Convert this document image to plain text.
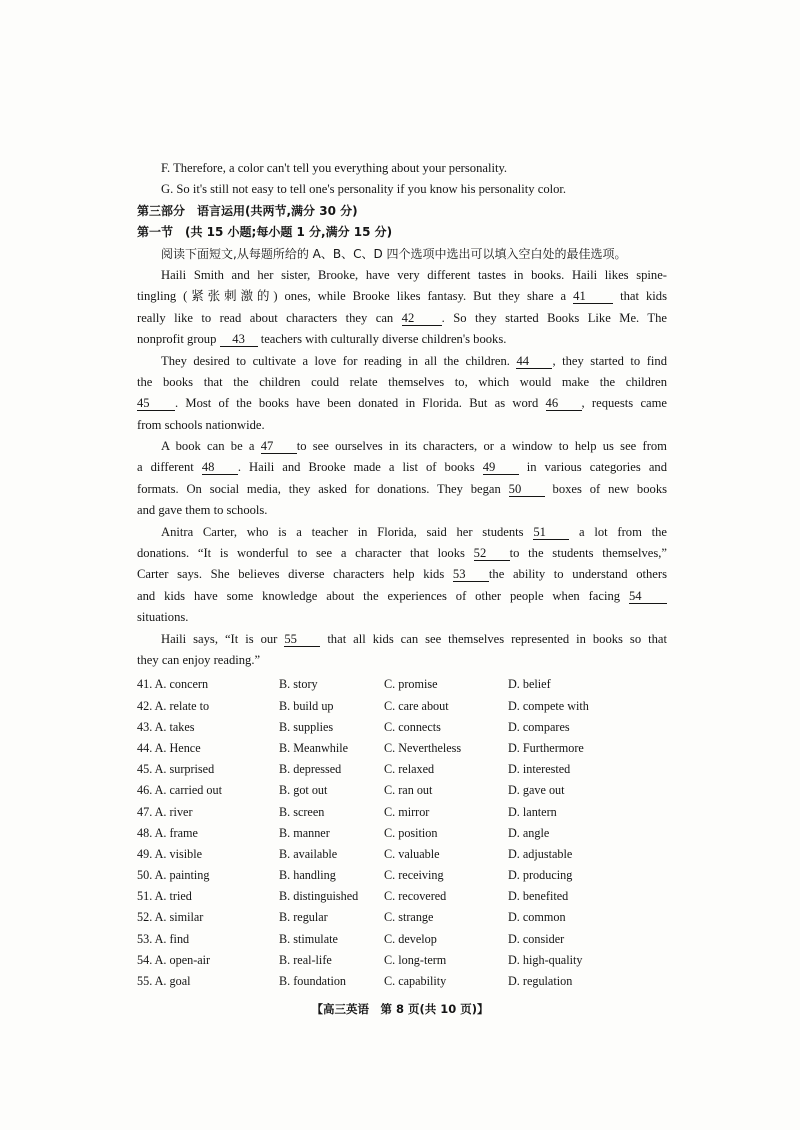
F. Therefore, a color can't tell you everything about your personality.
G. So it's still not easy to tell one's personality if you know his personality color.
第三部分　语言运用(共两节,满分 30 分)
第一节　(共 15 小题;每小题 1 分,满分 15 分)
阅读下面短文,从每题所给的 A、B、C、D 四个选项中选出可以填入空白处的最佳选项。
Haili Smith and her sister, Brooke, have very different tastes in books. Haili likes spine-
tingling (紧张刺激的) ones, while Brooke likes fantasy. But they share a 41	that kids
really like to read about characters they can 42 . So they started Books Like Me. The
nonprofit group 43 teachers with culturally diverse children's books.
They desired to cultivate a love for reading in all the children. 44 , they started to find
the books that the children could relate themselves to, which would make the children
45 . Most of the books have been donated in Florida. But as word 46 , requests came
from schools nationwide.
A book can be a 47 to see ourselves in its characters, or a window to help us see from
a different 48 . Haili and Brooke made a list of books 49 in various categories and
formats. On social media, they asked for donations. They began 50 boxes of new books
and gave them to schools.
Anitra Carter, who is a teacher in Florida, said her students 51	a lot from the
donations. “It is wonderful to see a character that looks 52 to the students themselves,”
Carter says. She believes diverse characters help kids 53 the ability to understand others
and kids have some knowledge about the experiences of other people when facing 54
situations.
Haili says, “It is our 55 that all kids can see themselves represented in books so that
they can enjoy reading.”
41. A. concern	B. story	C. promise	D. belief
42. A. relate to	B. build up	C. care about	D. compete with
43. A. takes	B. supplies	C. connects	D. compares
44. A. Hence	B. Meanwhile	C. Nevertheless	D. Furthermore
45. A. surprised	B. depressed	C. relaxed	D. interested
46. A. carried out	B. got out	C. ran out	D. gave out
47. A. river	B. screen	C. mirror	D. lantern
48. A. frame	B. manner	C. position	D. angle
49. A. visible	B. available	C. valuable	D. adjustable
50. A. painting	B. handling	C. receiving	D. producing
51. A. tried	B. distinguished	C. recovered	D. benefited
52. A. similar	B. regular	C. strange	D. common
53. A. find	B. stimulate	C. develop	D. consider
54. A. open-air	B. real-life	C. long-term	D. high-quality
55. A. goal	B. foundation	C. capability	D. regulation
【高三英语　第 8 页(共 10 页)】
